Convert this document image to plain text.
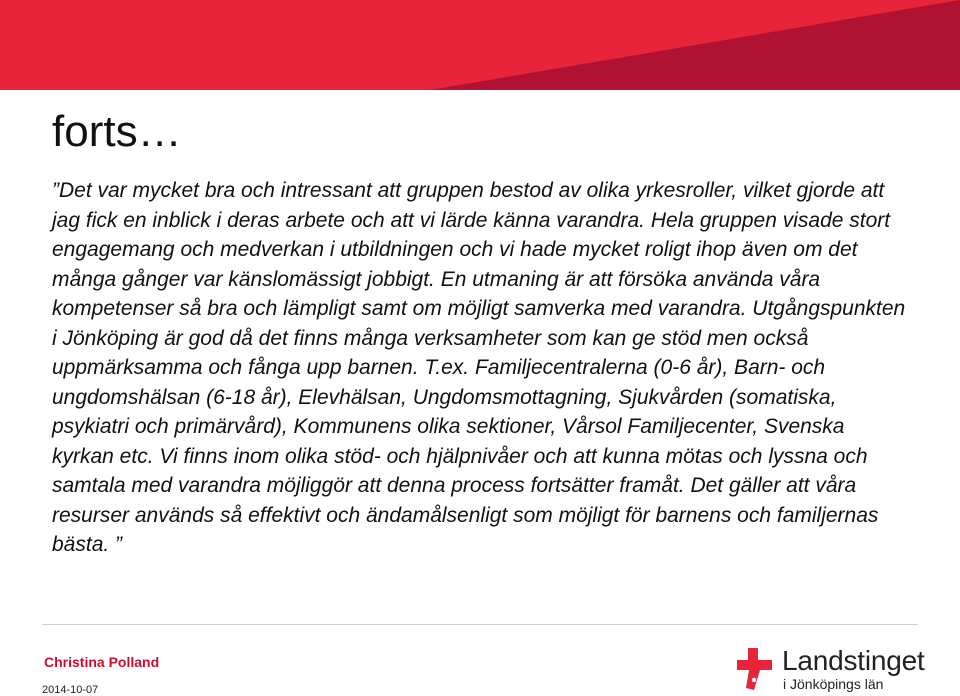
forts…
”Det var mycket bra och intressant att gruppen bestod av olika yrkesroller, vilket gjorde att jag fick en inblick i deras arbete och att vi lärde känna varandra. Hela gruppen visade stort engagemang och medverkan i utbildningen och vi hade mycket roligt ihop även om det många gånger var känslomässigt jobbigt. En utmaning är att försöka använda våra kompetenser så bra och lämpligt samt om möjligt samverka med varandra. Utgångspunkten i Jönköping är god då det finns många verksamheter som kan ge stöd men också uppmärksamma och fånga upp barnen. T.ex. Familjecentralerna (0-6 år), Barn- och ungdomshälsan (6-18 år), Elevhälsan, Ungdomsmottagning, Sjukvården (somatiska, psykiatri och primärvård), Kommunens olika sektioner, Vårsol Familjecenter, Svenska kyrkan etc. Vi finns inom olika stöd- och hjälpnivåer och att kunna mötas och lyssna och samtala med varandra möjliggör att denna process fortsätter framåt. Det gäller att våra resurser används så effektivt och ändamålsenligt som möjligt för barnens och familjernas bästa. ”
Christina Polland
2014-10-07
Landstinget
i Jönköpings län
